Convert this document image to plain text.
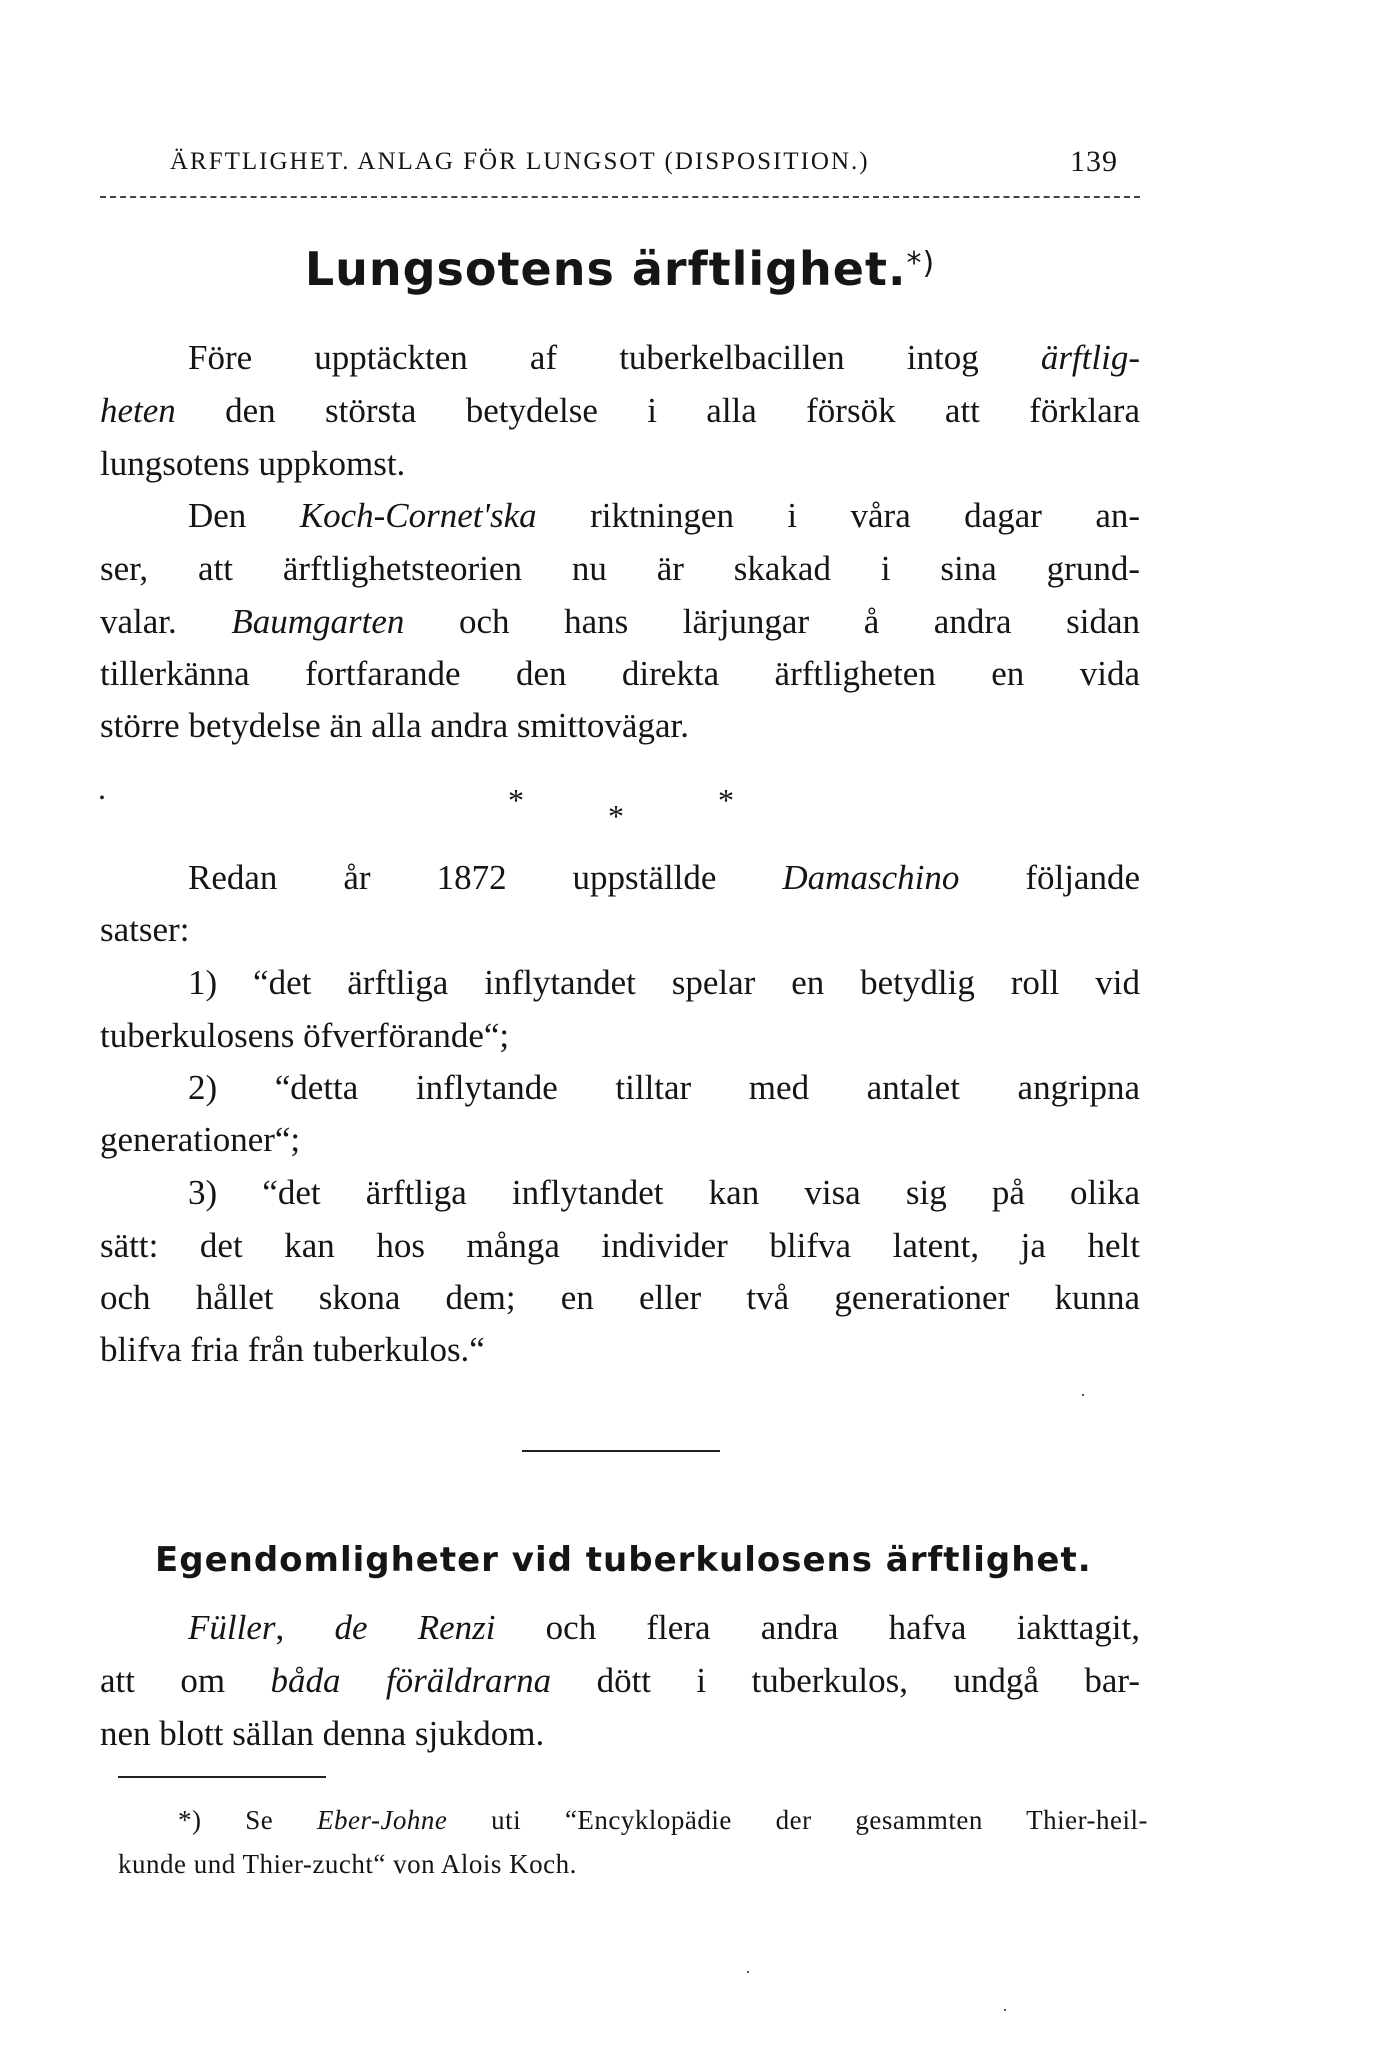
ÄRFTLIGHET. ANLAG FÖR LUNGSOT (DISPOSITION.)	139
Lungsotens ärftlighet.*)
Före upptäckten af tuberkelbacillen intog ärftlig-
heten den största betydelse i alla försök att förklara
lungsotens uppkomst.
Den Koch-Cornet'ska riktningen i våra dagar an-
ser, att ärftlighetsteorien nu är skakad i sina grund-
valar. Baumgarten och hans lärjungar å andra sidan
tillerkänna fortfarande den direkta ärftligheten en vida
större betydelse än alla andra smittovägar.
.	*	*	*
Redan år 1872 uppställde Damaschino följande
satser:
1) “det ärftliga inflytandet spelar en betydlig roll vid
tuberkulosens öfverförande“;
2) “detta inflytande tilltar med antalet angripna
generationer“;
3) “det ärftliga inflytandet kan visa sig på olika
sätt: det kan hos många individer blifva latent, ja helt
och hållet skona dem; en eller två generationer kunna
blifva fria från tuberkulos.“
·
Egendomligheter vid tuberkulosens ärftlighet.
Füller, de Renzi och flera andra hafva iakttagit,
att om båda föräldrarna dött i tuberkulos, undgå bar-
nen blott sällan denna sjukdom.
*) Se Eber-Johne uti “Encyklopädie der gesammten Thier-heil-
kunde und Thier-zucht“ von Alois Koch.
·
·
